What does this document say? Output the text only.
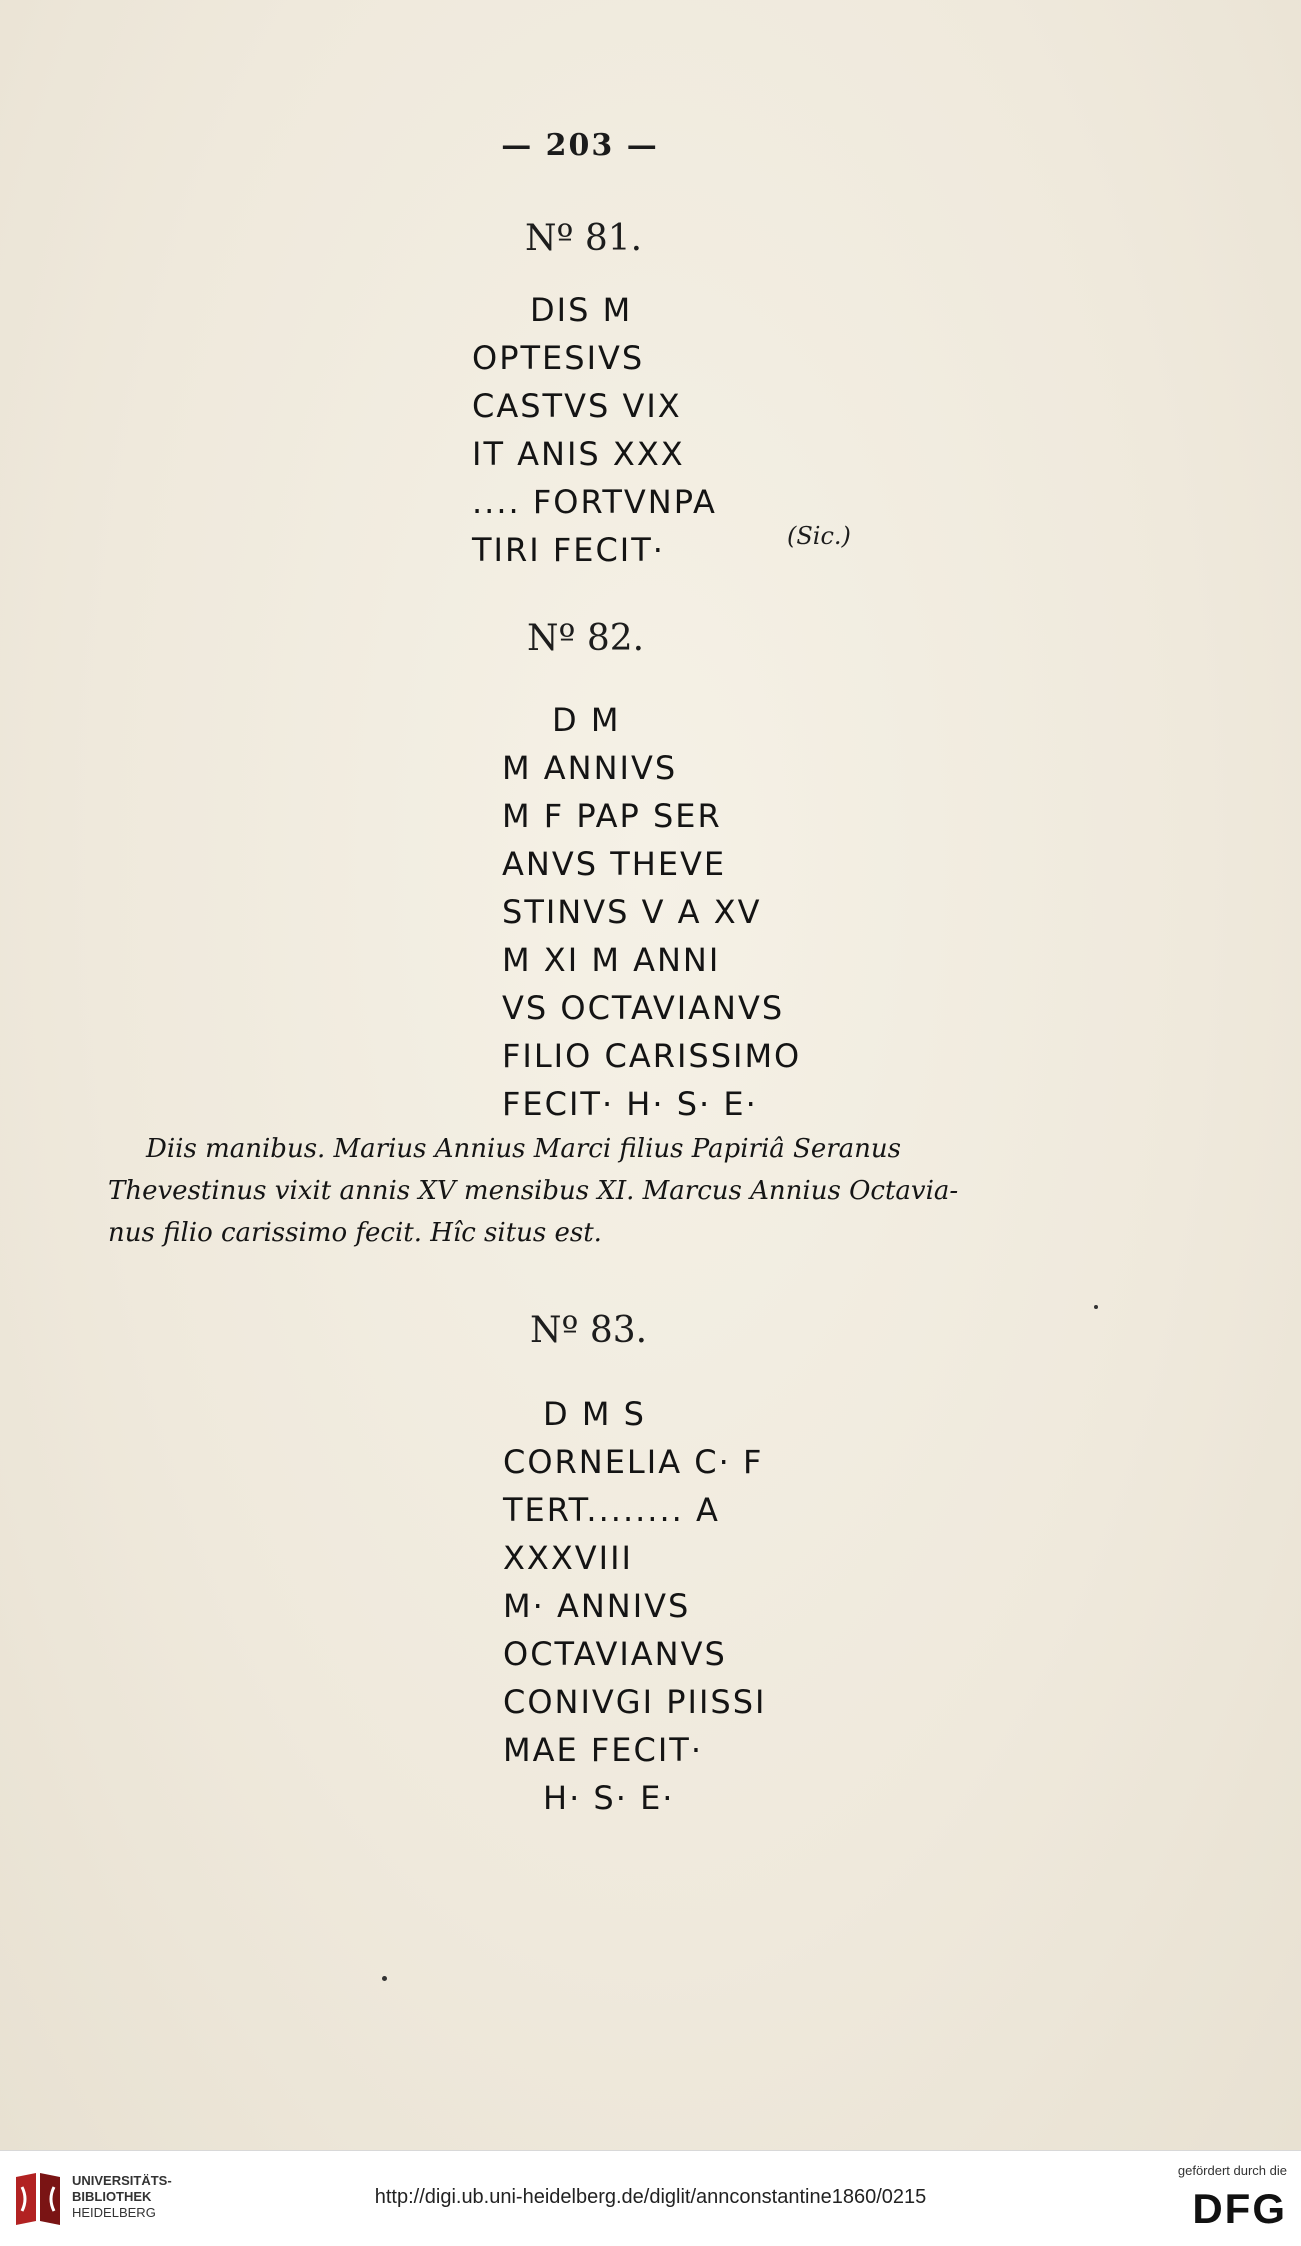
— 203 —
Nº 81.
DIS M
OPTESIVS
CASTVS VIX
IT ANIS XXX
.... FORTVNPA
TIRI FECIT·	(Sic.)
Nº 82.
D M
M ANNIVS
M F PAP SER
ANVS THEVE
STINVS V A XV
M XI M ANNI
VS OCTAVIANVS
FILIO CARISSIMO
FECIT· H· S· E·
Diis manibus. Marius Annius Marci filius Papiriâ Seranus
Thevestinus vixit annis XV mensibus XI. Marcus Annius Octavia-
nus filio carissimo fecit. Hîc situs est.
Nº 83.
D M S
CORNELIA C· F
TERT........ A
XXXVIII
M· ANNIVS
OCTAVIANVS
CONIVGI PIISSI
MAE FECIT·
H· S· E·
UNIVERSITÄTS-
BIBLIOTHEK
HEIDELBERG
http://digi.ub.uni-heidelberg.de/diglit/annconstantine1860/0215
gefördert durch die
DFG
